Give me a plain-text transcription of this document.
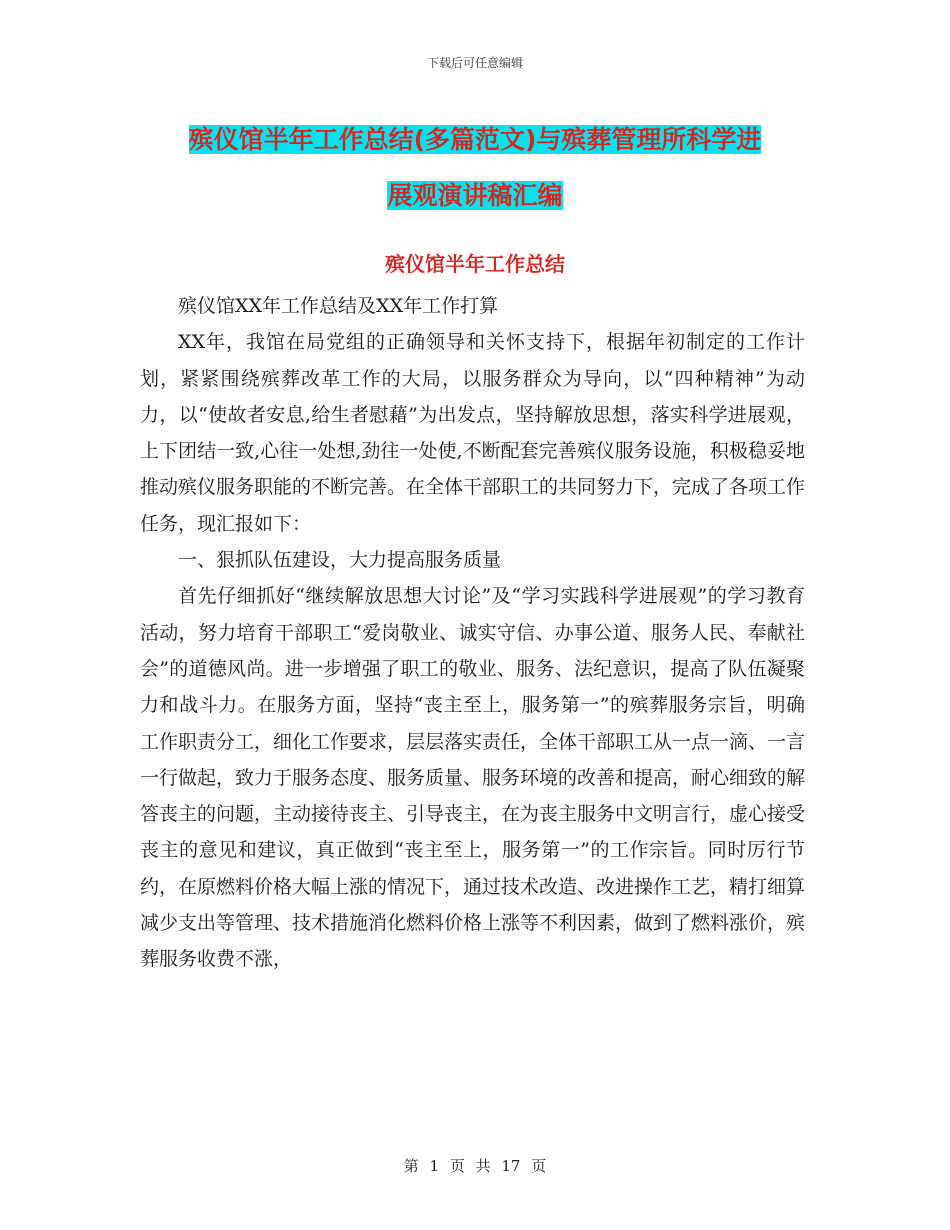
下载后可任意编辑
殡仪馆半年工作总结(多篇范文)与殡葬管理所科学进
展观演讲稿汇编
殡仪馆半年工作总结

殡仪馆XX年工作总结及XX年工作打算

XX年，我馆在局党组的正确领导和关怀支持下，根据年初制定的工作计划，紧紧围绕殡葬改革工作的大局，以服务群众为导向，以“四种精神”为动力，以“使故者安息,给生者慰藉”为出发点，坚持解放思想，落实科学进展观，上下团结一致,心往一处想,劲往一处使,不断配套完善殡仪服务设施，积极稳妥地推动殡仪服务职能的不断完善。在全体干部职工的共同努力下，完成了各项工作任务，现汇报如下：

一、狠抓队伍建设，大力提高服务质量

首先仔细抓好“继续解放思想大讨论”及“学习实践科学进展观”的学习教育活动，努力培育干部职工“爱岗敬业、诚实守信、办事公道、服务人民、奉献社会”的道德风尚。进一步增强了职工的敬业、服务、法纪意识，提高了队伍凝聚力和战斗力。在服务方面，坚持“丧主至上，服务第一”的殡葬服务宗旨，明确工作职责分工，细化工作要求，层层落实责任，全体干部职工从一点一滴、一言一行做起，致力于服务态度、服务质量、服务环境的改善和提高，耐心细致的解答丧主的问题，主动接待丧主、引导丧主，在为丧主服务中文明言行，虚心接受丧主的意见和建议，真正做到“丧主至上，服务第一”的工作宗旨。同时厉行节约，在原燃料价格大幅上涨的情况下，通过技术改造、改进操作工艺，精打细算减少支出等管理、技术措施消化燃料价格上涨等不利因素，做到了燃料涨价，殡葬服务收费不涨，

第 1 页 共 17 页
